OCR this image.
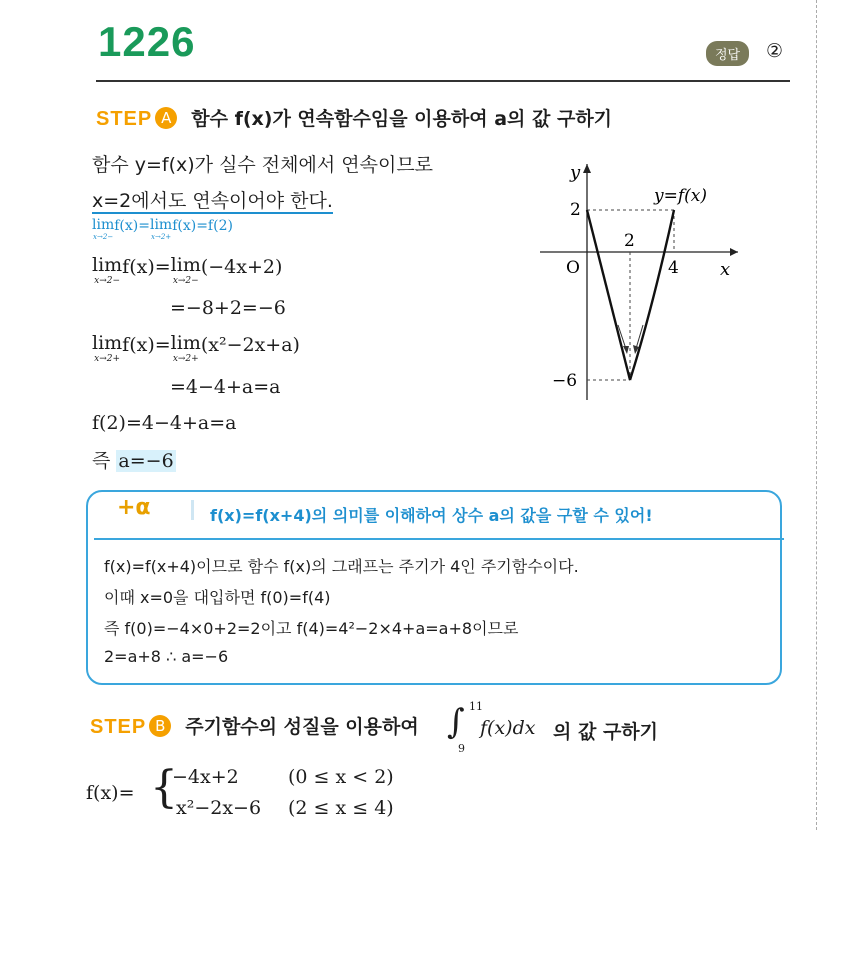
1226	정답	②
STEP A 함수 f(x)가 연속함수임을 이용하여 a의 값 구하기
함수 y=f(x)가 실수 전체에서 연속이므로
x=2에서도 연속이어야 한다.
lim
x→2−
f(x)=lim
x→2+
f(x)=f(2)
lim
x→2−
f(x)=lim
x→2−
(−4x+2)
=−8+2=−6
lim
x→2+
f(x)=lim
x→2+
(x²−2x+a)
=4−4+a=a
f(2)=4−4+a=a
즉 a=−6
y
x
O
y=f(x)
2
−6
2
4
+α	f(x)=f(x+4)의 의미를 이해하여 상수 a의 값을 구할 수 있어!
f(x)=f(x+4)이므로 함수 f(x)의 그래프는 주기가 4인 주기함수이다.
이때 x=0을 대입하면 f(0)=f(4)
즉 f(0)=−4×0+2=2이고 f(4)=4²−2×4+a=a+8이므로
2=a+8 ∴ a=−6
STEP B 주기함수의 성질을 이용하여 ∫ 11
9
f(x)dx 의 값 구하기
f(x)= {
−4x+2	(0 ≤ x < 2)
x²−2x−6 (2 ≤ x ≤ 4)
